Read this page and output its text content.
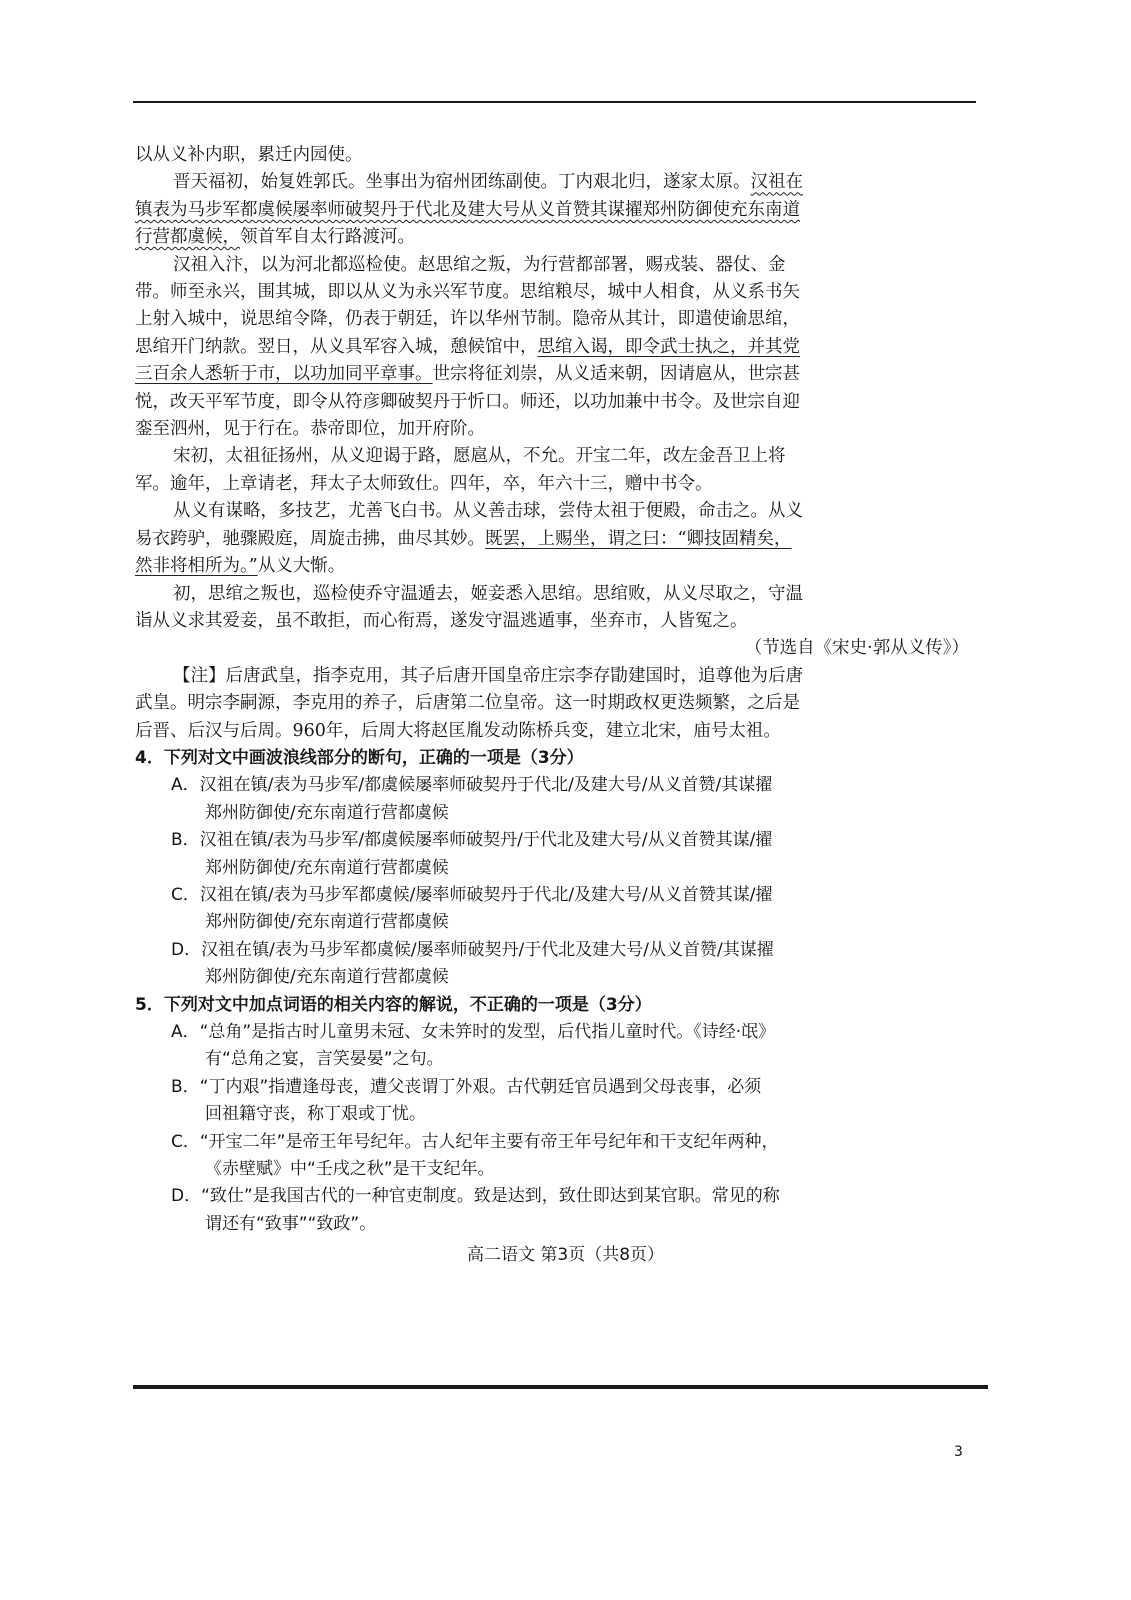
以从义补内职，累迁内园使。
晋天福初，始复姓郭氏。坐事出为宿州团练副使。丁内艰北归，遂家太原。汉祖在
镇表为马步军都虞候屡率师破契丹于代北及建大号从义首赞其谋擢郑州防御使充东南道
行营都虞候，领首军自太行路渡河。
汉祖入汴，以为河北都巡检使。赵思绾之叛，为行营都部署，赐戎装、器仗、金
带。师至永兴，围其城，即以从义为永兴军节度。思绾粮尽，城中人相食，从义系书矢
上射入城中，说思绾令降，仍表于朝廷，许以华州节制。隐帝从其计，即遣使谕思绾，
思绾开门纳款。翌日，从义具军容入城，憩候馆中，思绾入谒，即令武士执之，并其党
三百余人悉斩于市，以功加同平章事。世宗将征刘崇，从义适来朝，因请扈从，世宗甚
悦，改天平军节度，即令从符彦卿破契丹于忻口。师还，以功加兼中书令。及世宗自迎
銮至泗州，见于行在。恭帝即位，加开府阶。
宋初，太祖征扬州，从义迎谒于路，愿扈从，不允。开宝二年，改左金吾卫上将
军。逾年，上章请老，拜太子太师致仕。四年，卒，年六十三，赠中书令。
从义有谋略，多技艺，尤善飞白书。从义善击球，尝侍太祖于便殿，命击之。从义
易衣跨驴，驰骤殿庭，周旋击拂，曲尽其妙。既罢，上赐坐，谓之曰：“卿技固精矣，
然非将相所为。”从义大惭。
初，思绾之叛也，巡检使乔守温遁去，姬妾悉入思绾。思绾败，从义尽取之，守温
诣从义求其爱妾，虽不敢拒，而心衔焉，遂发守温逃遁事，坐弃市，人皆冤之。
（节选自《宋史·郭从义传》）
【注】后唐武皇，指李克用，其子后唐开国皇帝庄宗李存勖建国时，追尊他为后唐
武皇。明宗李嗣源，李克用的养子，后唐第二位皇帝。这一时期政权更迭频繁，之后是
后晋、后汉与后周。960年，后周大将赵匡胤发动陈桥兵变，建立北宋，庙号太祖。
4．下列对文中画波浪线部分的断句，正确的一项是（3分）
A．汉祖在镇/表为马步军/都虞候屡率师破契丹于代北/及建大号/从义首赞/其谋擢
郑州防御使/充东南道行营都虞候
B．汉祖在镇/表为马步军/都虞候屡率师破契丹/于代北及建大号/从义首赞其谋/擢
郑州防御使/充东南道行营都虞候
C．汉祖在镇/表为马步军都虞候/屡率师破契丹于代北/及建大号/从义首赞其谋/擢
郑州防御使/充东南道行营都虞候
D．汉祖在镇/表为马步军都虞候/屡率师破契丹/于代北及建大号/从义首赞/其谋擢
郑州防御使/充东南道行营都虞候
5．下列对文中加点词语的相关内容的解说，不正确的一项是（3分）
A．“总角”是指古时儿童男未冠、女未笄时的发型，后代指儿童时代。《诗经·氓》
有“总角之宴，言笑晏晏”之句。
B．“丁内艰”指遭逢母丧，遭父丧谓丁外艰。古代朝廷官员遇到父母丧事，必须
回祖籍守丧，称丁艰或丁忧。
C．“开宝二年”是帝王年号纪年。古人纪年主要有帝王年号纪年和干支纪年两种，
《赤壁赋》中“壬戌之秋”是干支纪年。
D．“致仕”是我国古代的一种官吏制度。致是达到，致仕即达到某官职。常见的称
谓还有“致事”“致政”。
高二语文 第3页（共8页）
3
